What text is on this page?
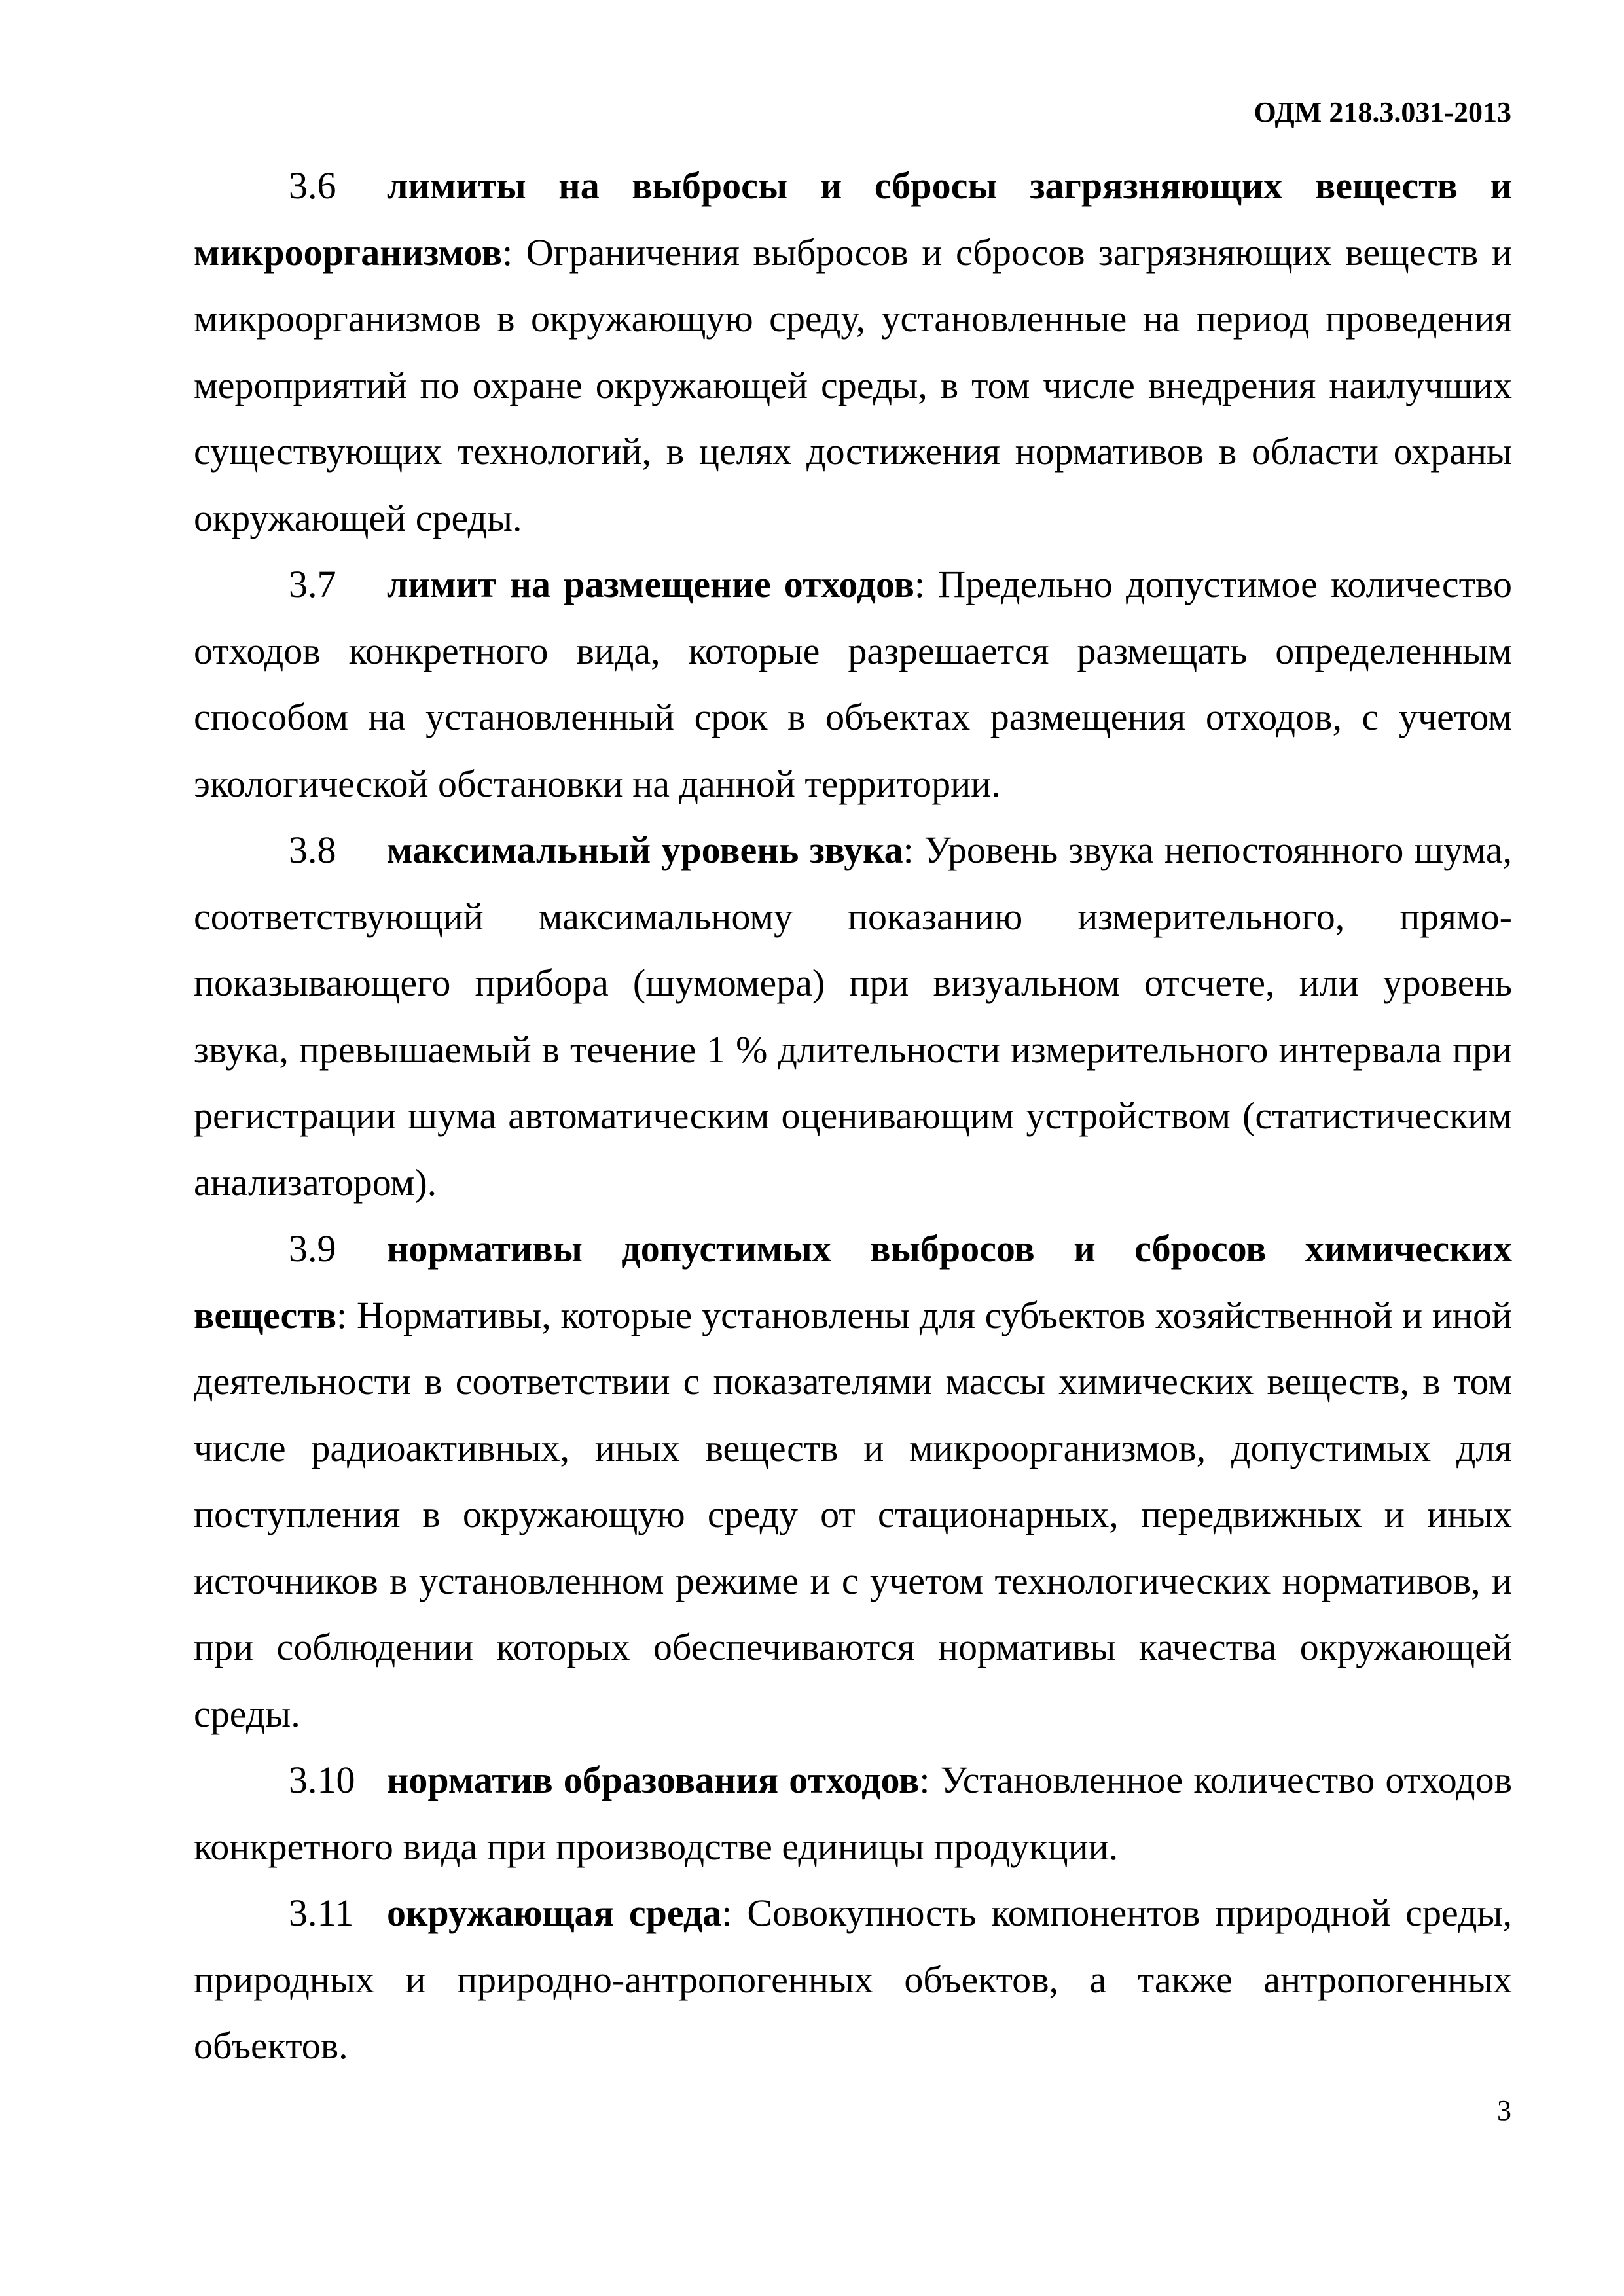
ОДМ 218.3.031-2013

3.6 лимиты на выбросы и сбросы загрязняющих веществ и микроорганизмов: Ограничения выбросов и сбросов загрязняющих веществ и микроорганизмов в окружающую среду, установленные на период проведения мероприятий по охране окружающей среды, в том числе внедрения наилучших существующих технологий, в целях достижения нормативов в области охраны окружающей среды.

3.7 лимит на размещение отходов: Предельно допустимое количество отходов конкретного вида, которые разрешается размещать определенным способом на установленный срок в объектах размещения отходов, с учетом экологической обстановки на данной территории.

3.8 максимальный уровень звука: Уровень звука непостоянного шума, соответствующий максимальному показанию измерительного, прямо-показывающего прибора (шумомера) при визуальном отсчете, или уровень звука, превышаемый в течение 1 % длительности измерительного интервала при регистрации шума автоматическим оценивающим устройством (статистическим анализатором).

3.9 нормативы допустимых выбросов и сбросов химических веществ: Нормативы, которые установлены для субъектов хозяйственной и иной деятельности в соответствии с показателями массы химических веществ, в том числе радиоактивных, иных веществ и микроорганизмов, допустимых для поступления в окружающую среду от стационарных, передвижных и иных источников в установленном режиме и с учетом технологических нормативов, и при соблюдении которых обеспечиваются нормативы качества окружающей среды.

3.10 норматив образования отходов: Установленное количество отходов конкретного вида при производстве единицы продукции.

3.11 окружающая среда: Совокупность компонентов природной среды, природных и природно-антропогенных объектов, а также антропогенных объектов.

3
